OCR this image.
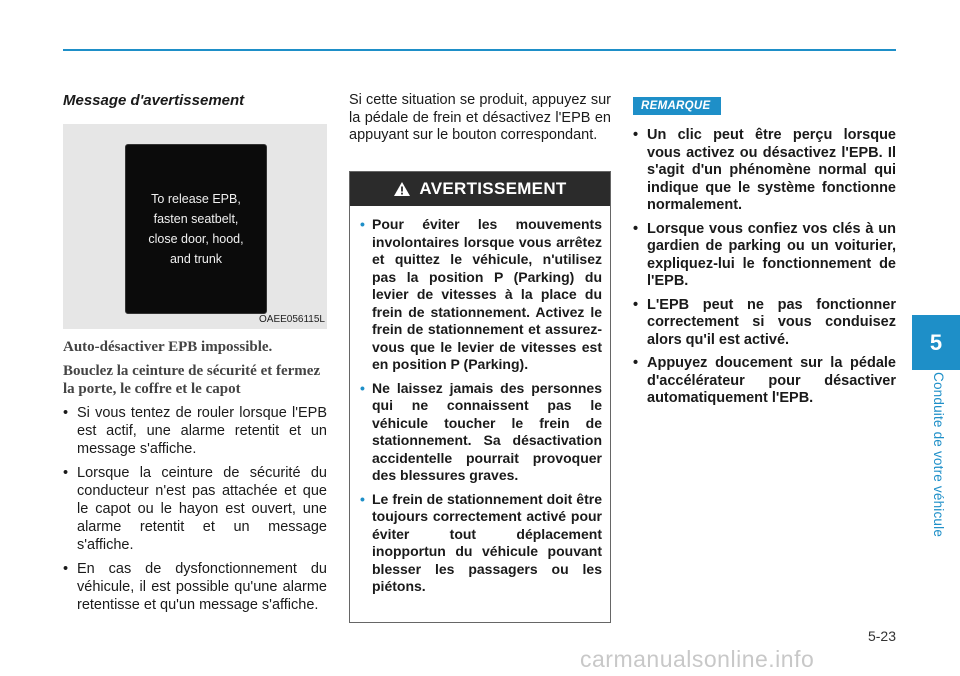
5
Conduite de votre véhicule
Message d'avertissement
To release EPB,
fasten seatbelt,
close door, hood,
and trunk
OAEE056115L

Auto-désactiver EPB impossible.

Bouclez la ceinture de sécurité et fermez la porte, le coffre et le capot

• Si vous tentez de rouler lorsque l'EPB est actif, une alarme retentit et un message s'affiche.
• Lorsque la ceinture de sécurité du conducteur n'est pas attachée et que le capot ou le hayon est ouvert, une alarme retentit et un message s'affiche.
• En cas de dysfonctionnement du véhicule, il est possible qu'une alarme retentisse et qu'un message s'affiche.

Si cette situation se produit, appuyez sur la pédale de frein et désactivez l'EPB en appuyant sur le bouton correspondant.

AVERTISSEMENT
• Pour éviter les mouvements involontaires lorsque vous arrêtez et quittez le véhicule, n'utilisez pas la position P (Parking) du levier de vitesses à la place du frein de stationnement. Activez le frein de stationnement et assurez-vous que le levier de vitesses est en position P (Parking).
• Ne laissez jamais des personnes qui ne connaissent pas le véhicule toucher le frein de stationnement. Sa désactivation accidentelle pourrait provoquer des blessures graves.
• Le frein de stationnement doit être toujours correctement activé pour éviter tout déplacement inopportun du véhicule pouvant blesser les passagers ou les piétons.
REMARQUE
• Un clic peut être perçu lorsque vous activez ou désactivez l'EPB. Il s'agit d'un phénomène normal qui indique que le système fonctionne normalement.
• Lorsque vous confiez vos clés à un gardien de parking ou un voiturier, expliquez-lui le fonctionnement de l'EPB.
• L'EPB peut ne pas fonctionner correctement si vous conduisez alors qu'il est activé.
• Appuyez doucement sur la pédale d'accélérateur pour désactiver automatiquement l'EPB.
5-23
carmanualsonline.info
